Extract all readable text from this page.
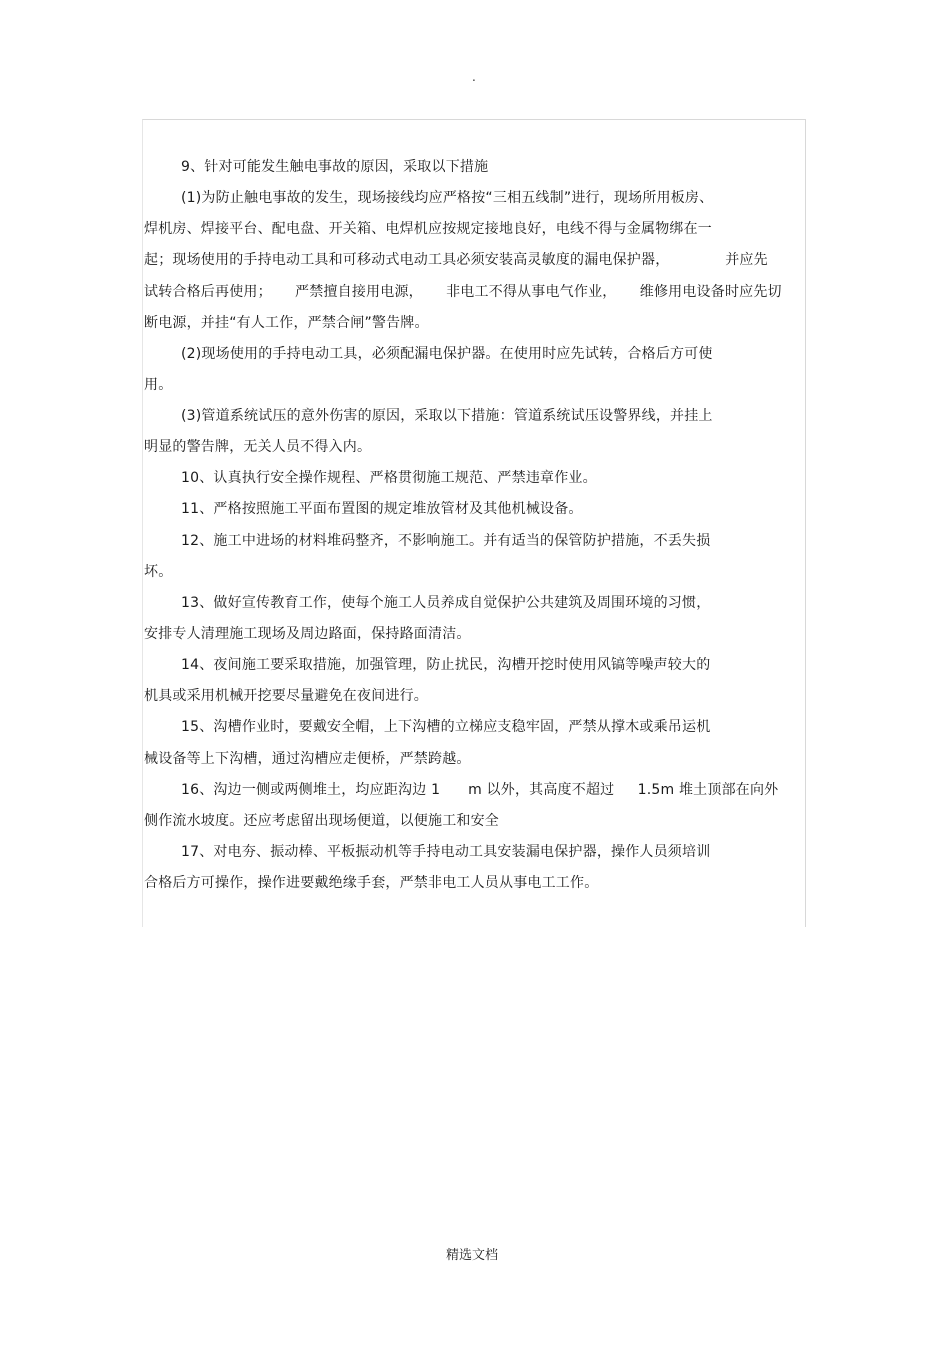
.
9、针对可能发生触电事故的原因，采取以下措施
(1)为防止触电事故的发生，现场接线均应严格按“三相五线制”进行，现场所用板房、
焊机房、焊接平台、配电盘、开关箱、电焊机应按规定接地良好，电线不得与金属物绑在一
起；现场使用的手持电动工具和可移动式电动工具必须安装高灵敏度的漏电保护器，            并应先
试转合格后再使用；     严禁擅自接用电源，     非电工不得从事电气作业，     维修用电设备时应先切
断电源，并挂“有人工作，严禁合闸”警告牌。
(2)现场使用的手持电动工具，必须配漏电保护器。在使用时应先试转，合格后方可使
用。
(3)管道系统试压的意外伤害的原因，采取以下措施：管道系统试压设警界线，并挂上
明显的警告牌，无关人员不得入内。
10、认真执行安全操作规程、严格贯彻施工规范、严禁违章作业。
11、严格按照施工平面布置图的规定堆放管材及其他机械设备。
12、施工中进场的材料堆码整齐，不影响施工。并有适当的保管防护措施，不丢失损
坏。
13、做好宣传教育工作，使每个施工人员养成自觉保护公共建筑及周围环境的习惯，
安排专人清理施工现场及周边路面，保持路面清洁。
14、夜间施工要采取措施，加强管理，防止扰民，沟槽开挖时使用风镐等噪声较大的
机具或采用机械开挖要尽量避免在夜间进行。
15、沟槽作业时，要戴安全帽，上下沟槽的立梯应支稳牢固，严禁从撑木或乘吊运机
械设备等上下沟槽，通过沟槽应走便桥，严禁跨越。
16、沟边一侧或两侧堆土，均应距沟边 1      m 以外，其高度不超过     1.5m 堆土顶部在向外
侧作流水坡度。还应考虑留出现场便道，以便施工和安全
17、对电夯、振动棒、平板振动机等手持电动工具安装漏电保护器，操作人员须培训
合格后方可操作，操作进要戴绝缘手套，严禁非电工人员从事电工工作。
精选文档
